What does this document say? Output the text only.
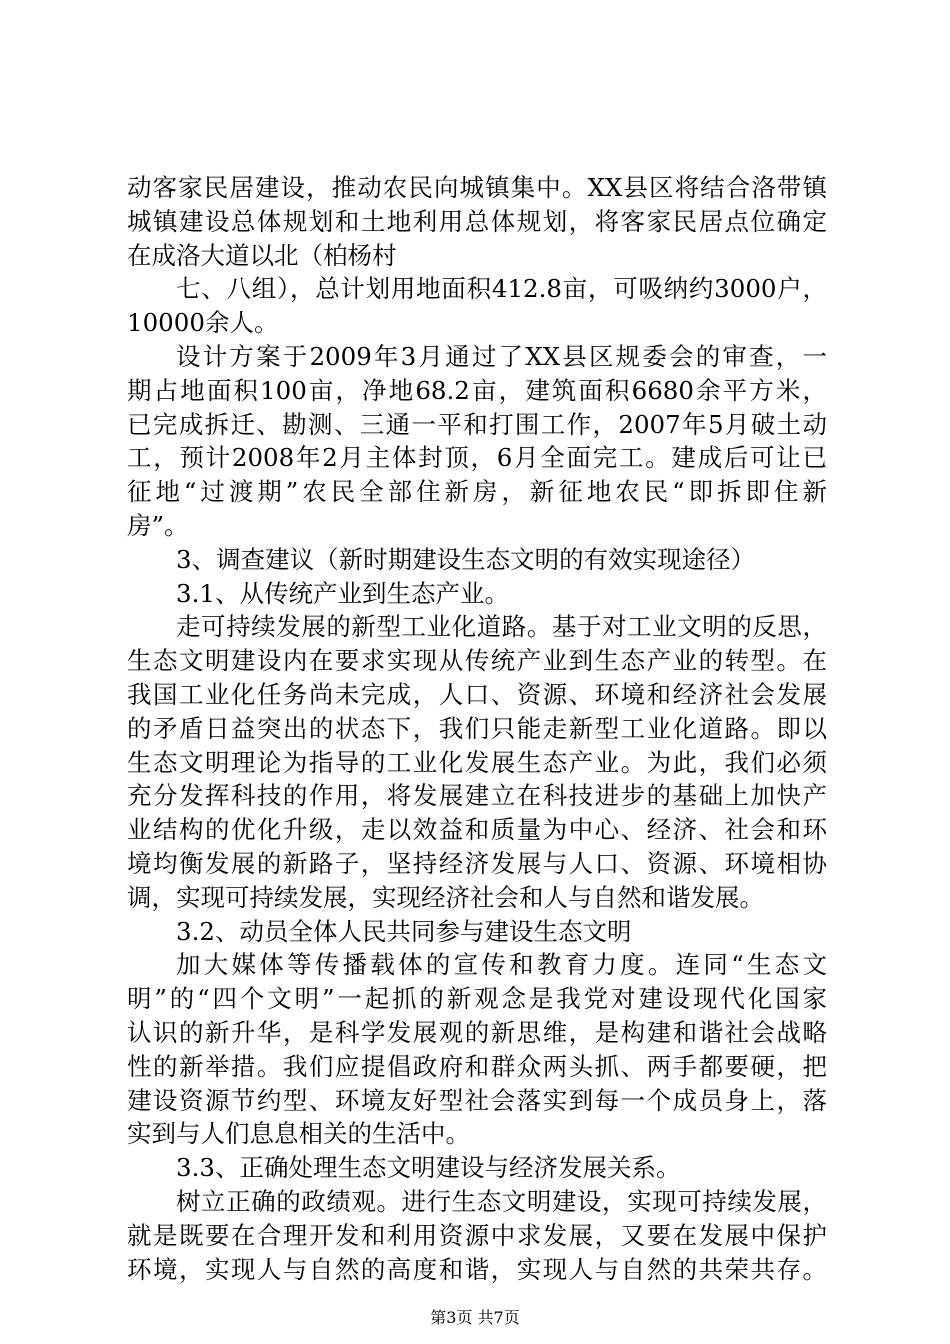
动客家民居建设，推动农民向城镇集中。XX县区将结合洛带镇
城镇建设总体规划和土地利用总体规划，将客家民居点位确定
在成洛大道以北（柏杨村
七、八组），总计划用地面积412.8亩，可吸纳约3000户，
10000余人。
设计方案于2009年3月通过了XX县区规委会的审查，一
期占地面积100亩，净地68.2亩，建筑面积6680余平方米，
已完成拆迁、勘测、三通一平和打围工作，2007年5月破土动
工，预计2008年2月主体封顶，6月全面完工。建成后可让已
征地“过渡期”农民全部住新房，新征地农民“即拆即住新
房”。
3、调查建议（新时期建设生态文明的有效实现途径）
3.1、从传统产业到生态产业。
走可持续发展的新型工业化道路。基于对工业文明的反思，
生态文明建设内在要求实现从传统产业到生态产业的转型。在
我国工业化任务尚未完成，人口、资源、环境和经济社会发展
的矛盾日益突出的状态下，我们只能走新型工业化道路。即以
生态文明理论为指导的工业化发展生态产业。为此，我们必须
充分发挥科技的作用，将发展建立在科技进步的基础上加快产
业结构的优化升级，走以效益和质量为中心、经济、社会和环
境均衡发展的新路子，坚持经济发展与人口、资源、环境相协
调，实现可持续发展，实现经济社会和人与自然和谐发展。
3.2、动员全体人民共同参与建设生态文明
加大媒体等传播载体的宣传和教育力度。连同“生态文
明”的“四个文明”一起抓的新观念是我党对建设现代化国家
认识的新升华，是科学发展观的新思维，是构建和谐社会战略
性的新举措。我们应提倡政府和群众两头抓、两手都要硬，把
建设资源节约型、环境友好型社会落实到每一个成员身上，落
实到与人们息息相关的生活中。
3.3、正确处理生态文明建设与经济发展关系。
树立正确的政绩观。进行生态文明建设，实现可持续发展，
就是既要在合理开发和利用资源中求发展，又要在发展中保护
环境，实现人与自然的高度和谐，实现人与自然的共荣共存。
第3页 共7页
